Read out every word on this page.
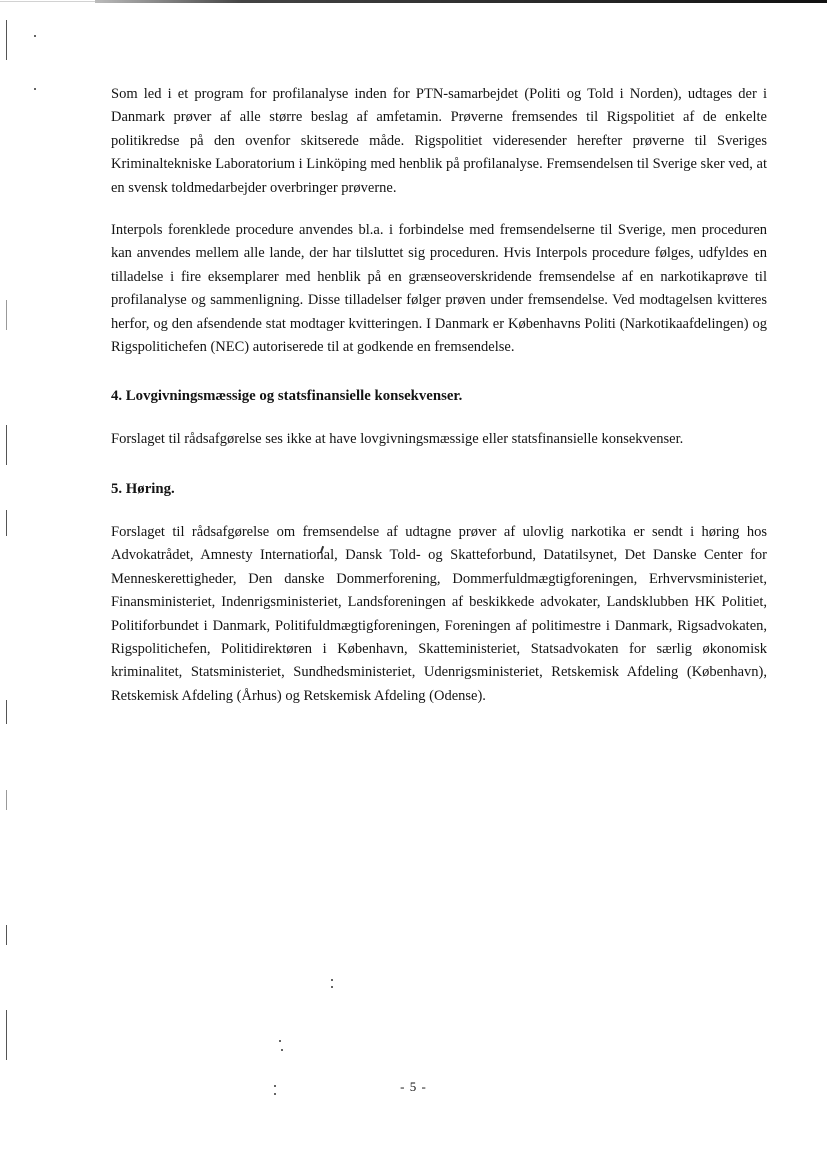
Som led i et program for profilanalyse inden for PTN-samarbejdet (Politi og Told i Norden), udtages der i Danmark prøver af alle større beslag af amfetamin. Prøverne fremsendes til Rigspolitiet af de enkelte politikredse på den ovenfor skitserede måde. Rigspolitiet videresender herefter prøverne til Sveriges Kriminaltekniske Laboratorium i Linköping med henblik på profilanalyse. Fremsendelsen til Sverige sker ved, at en svensk toldmedarbejder overbringer prøverne.

Interpols forenklede procedure anvendes bl.a. i forbindelse med fremsendelserne til Sverige, men proceduren kan anvendes mellem alle lande, der har tilsluttet sig proceduren. Hvis Interpols procedure følges, udfyldes en tilladelse i fire eksemplarer med henblik på en grænseoverskridende fremsendelse af en narkotikaprøve til profilanalyse og sammenligning. Disse tilladelser følger prøven under fremsendelse. Ved modtagelsen kvitteres herfor, og den afsendende stat modtager kvitteringen. I Danmark er Københavns Politi (Narkotikaafdelingen) og Rigspolitichefen (NEC) autoriserede til at godkende en fremsendelse.

4. Lovgivningsmæssige og statsfinansielle konsekvenser.

Forslaget til rådsafgørelse ses ikke at have lovgivningsmæssige eller statsfinansielle konsekvenser.

5. Høring.

Forslaget til rådsafgørelse om fremsendelse af udtagne prøver af ulovlig narkotika er sendt i høring hos Advokatrådet, Amnesty International, Dansk Told- og Skatteforbund, Datatilsynet, Det Danske Center for Menneskerettigheder, Den danske Dommerforening, Dommerfuldmægtigforeningen, Erhvervsministeriet, Finansministeriet, Indenrigsministeriet, Landsforeningen af beskikkede advokater, Landsklubben HK Politiet, Politiforbundet i Danmark, Politifuldmægtigforeningen, Foreningen af politimestre i Danmark, Rigsadvokaten, Rigspolitichefen, Politidirektøren i København, Skatteministeriet, Statsadvokaten for særlig økonomisk kriminalitet, Statsministeriet, Sundhedsministeriet, Udenrigsministeriet, Retskemisk Afdeling (København), Retskemisk Afdeling (Århus) og Retskemisk Afdeling (Odense).

- 5 -
